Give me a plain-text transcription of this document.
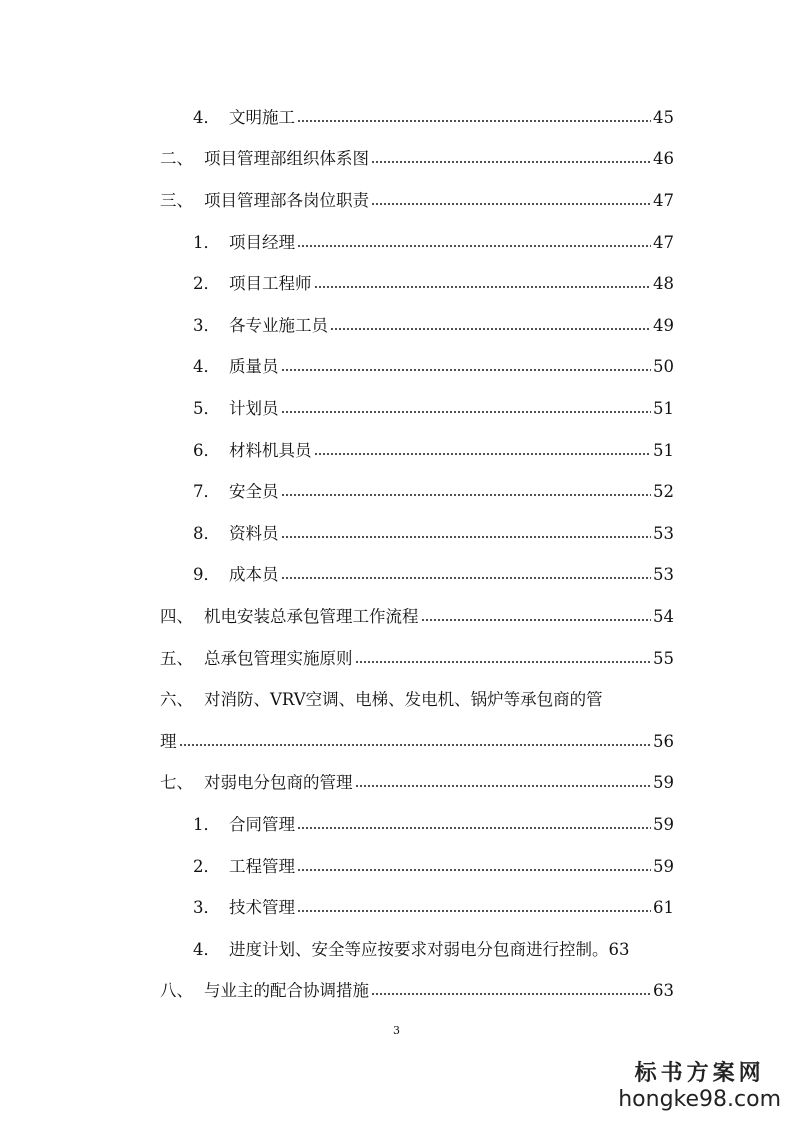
4． 文明施工	45
二、 项目管理部组织体系图	46
三、 项目管理部各岗位职责	47
1． 项目经理	47
2． 项目工程师	48
3． 各专业施工员	49
4． 质量员	50
5． 计划员	51
6． 材料机具员	51
7． 安全员	52
8． 资料员	53
9． 成本员	53
四、 机电安装总承包管理工作流程	54
五、 总承包管理实施原则	55
六、 对消防、VRV空调、电梯、发电机、锅炉等承包商的管
理	56
七、 对弱电分包商的管理	59
1． 合同管理	59
2． 工程管理	59
3． 技术管理	61
4． 进度计划、安全等应按要求对弱电分包商进行控制。 63
八、 与业主的配合协调措施	63
3
标书方案网
hongke98.com
